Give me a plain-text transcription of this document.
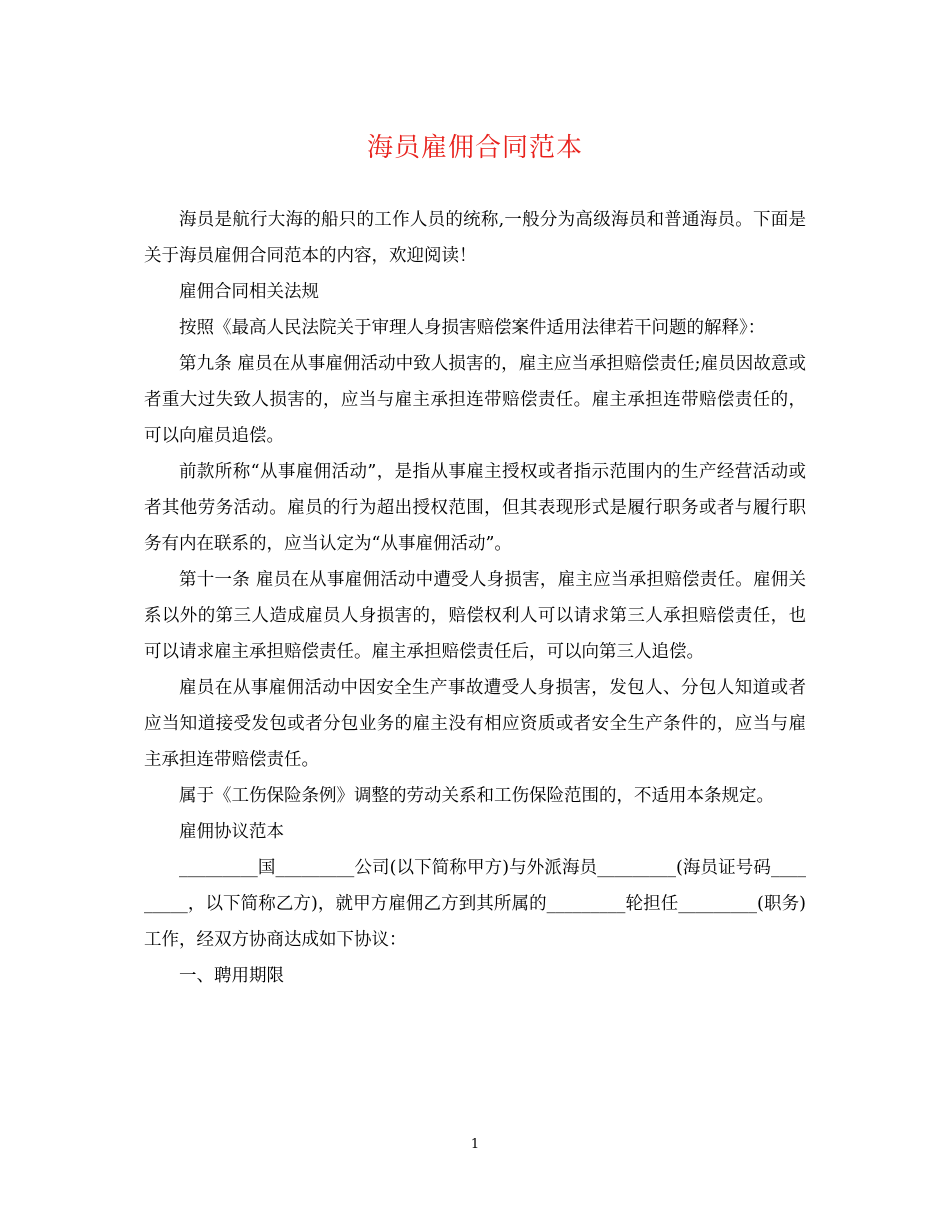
海员雇佣合同范本

海员是航行大海的船只的工作人员的统称,一般分为高级海员和普通海员。下面是关于海员雇佣合同范本的内容，欢迎阅读！

雇佣合同相关法规

按照《最高人民法院关于审理人身损害赔偿案件适用法律若干问题的解释》：

第九条 雇员在从事雇佣活动中致人损害的，雇主应当承担赔偿责任;雇员因故意或者重大过失致人损害的，应当与雇主承担连带赔偿责任。雇主承担连带赔偿责任的，可以向雇员追偿。

前款所称“从事雇佣活动”，是指从事雇主授权或者指示范围内的生产经营活动或者其他劳务活动。雇员的行为超出授权范围，但其表现形式是履行职务或者与履行职务有内在联系的，应当认定为“从事雇佣活动”。

第十一条 雇员在从事雇佣活动中遭受人身损害，雇主应当承担赔偿责任。雇佣关系以外的第三人造成雇员人身损害的，赔偿权利人可以请求第三人承担赔偿责任，也可以请求雇主承担赔偿责任。雇主承担赔偿责任后，可以向第三人追偿。

雇员在从事雇佣活动中因安全生产事故遭受人身损害，发包人、分包人知道或者应当知道接受发包或者分包业务的雇主没有相应资质或者安全生产条件的，应当与雇主承担连带赔偿责任。

属于《工伤保险条例》调整的劳动关系和工伤保险范围的，不适用本条规定。

雇佣协议范本

_________国_________公司(以下简称甲方)与外派海员_________(海员证号码_________，以下简称乙方)，就甲方雇佣乙方到其所属的_________轮担任_________(职务)工作，经双方协商达成如下协议：

一、聘用期限

1
